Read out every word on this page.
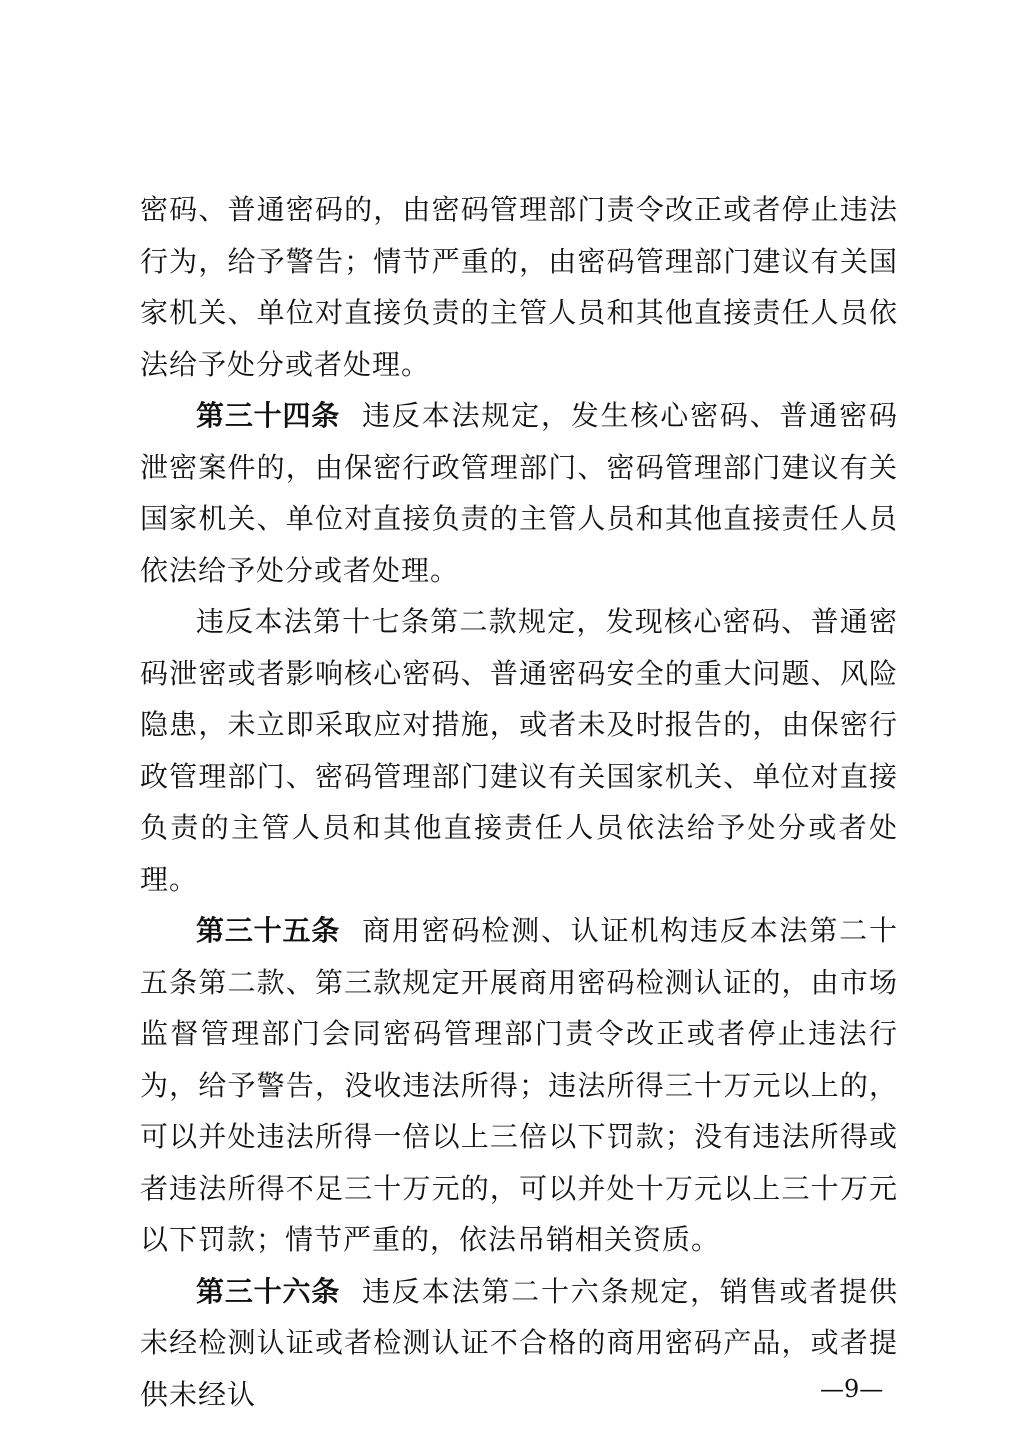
密码、普通密码的，由密码管理部门责令改正或者停止违法行为，给予警告；情节严重的，由密码管理部门建议有关国家机关、单位对直接负责的主管人员和其他直接责任人员依法给予处分或者处理。

第三十四条 违反本法规定，发生核心密码、普通密码泄密案件的，由保密行政管理部门、密码管理部门建议有关国家机关、单位对直接负责的主管人员和其他直接责任人员依法给予处分或者处理。

违反本法第十七条第二款规定，发现核心密码、普通密码泄密或者影响核心密码、普通密码安全的重大问题、风险隐患，未立即采取应对措施，或者未及时报告的，由保密行政管理部门、密码管理部门建议有关国家机关、单位对直接负责的主管人员和其他直接责任人员依法给予处分或者处理。

第三十五条 商用密码检测、认证机构违反本法第二十五条第二款、第三款规定开展商用密码检测认证的，由市场监督管理部门会同密码管理部门责令改正或者停止违法行为，给予警告，没收违法所得；违法所得三十万元以上的，可以并处违法所得一倍以上三倍以下罚款；没有违法所得或者违法所得不足三十万元的，可以并处十万元以上三十万元以下罚款；情节严重的，依法吊销相关资质。

第三十六条 违反本法第二十六条规定，销售或者提供未经检测认证或者检测认证不合格的商用密码产品，或者提供未经认	—9—
